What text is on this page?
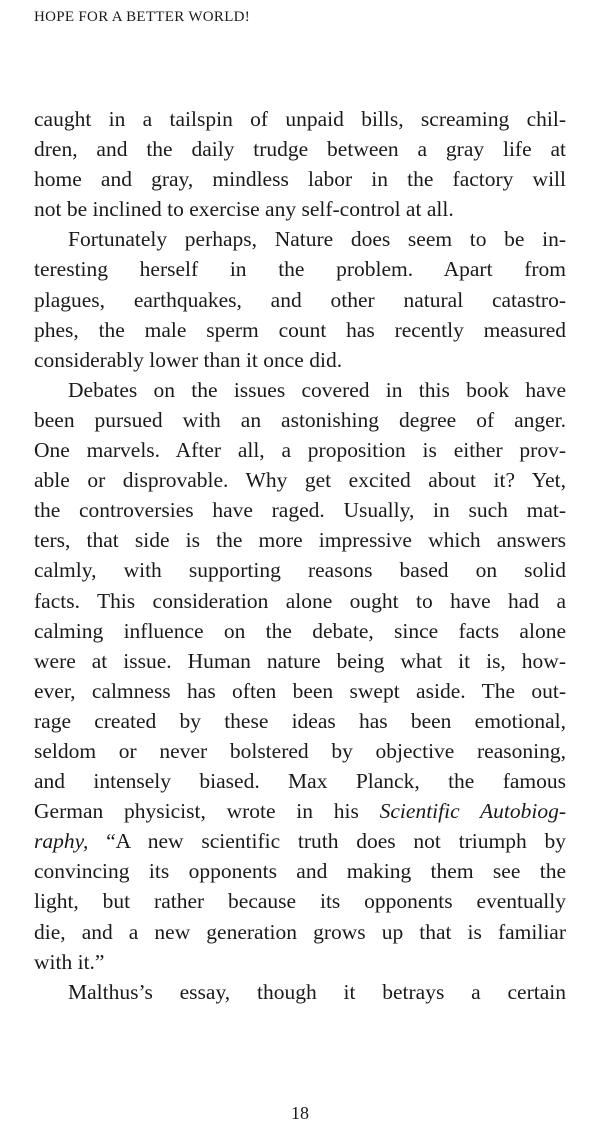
HOPE FOR A BETTER WORLD!
caught in a tailspin of unpaid bills, screaming chil-
dren, and the daily trudge between a gray life at
home and gray, mindless labor in the factory will
not be inclined to exercise any self-control at all.
Fortunately perhaps, Nature does seem to be in-
teresting herself in the problem. Apart from
plagues, earthquakes, and other natural catastro-
phes, the male sperm count has recently measured
considerably lower than it once did.
Debates on the issues covered in this book have
been pursued with an astonishing degree of anger.
One marvels. After all, a proposition is either prov-
able or disprovable. Why get excited about it? Yet,
the controversies have raged. Usually, in such mat-
ters, that side is the more impressive which answers
calmly, with supporting reasons based on solid
facts. This consideration alone ought to have had a
calming influence on the debate, since facts alone
were at issue. Human nature being what it is, how-
ever, calmness has often been swept aside. The out-
rage created by these ideas has been emotional,
seldom or never bolstered by objective reasoning,
and intensely biased. Max Planck, the famous
German physicist, wrote in his Scientific Autobiog-
raphy, “A new scientific truth does not triumph by
convincing its opponents and making them see the
light, but rather because its opponents eventually
die, and a new generation grows up that is familiar
with it.”
Malthus’s essay, though it betrays a certain
18
